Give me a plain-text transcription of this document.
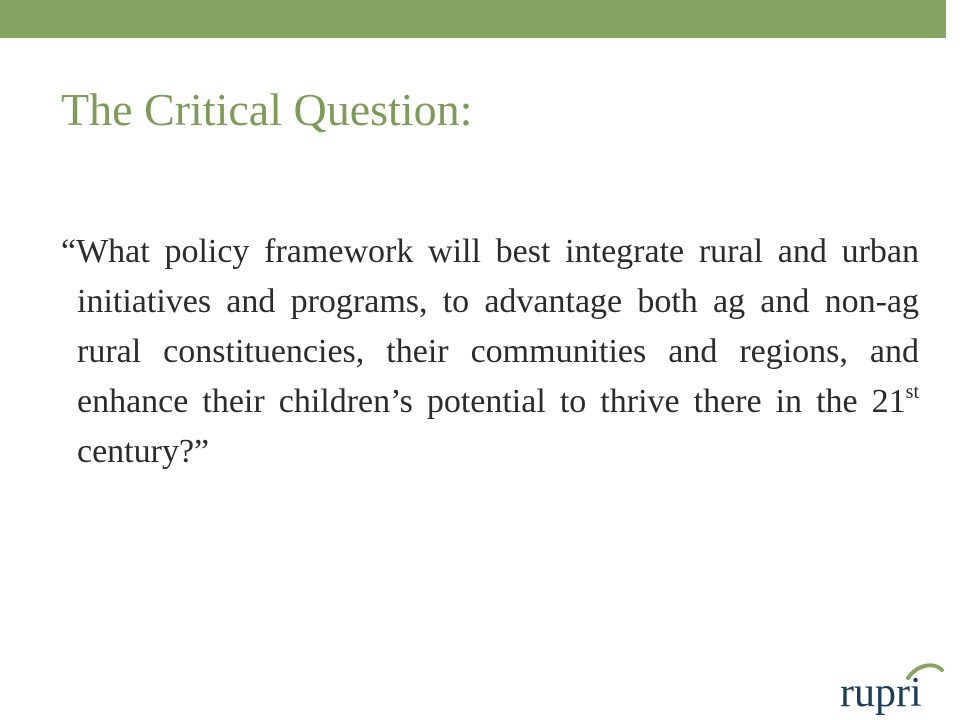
The Critical Question:

“What policy framework will best integrate rural and urban initiatives and programs, to advantage both ag and non-ag rural constituencies, their communities and regions, and enhance their children’s potential to thrive there in the 21st century?”

rupri
